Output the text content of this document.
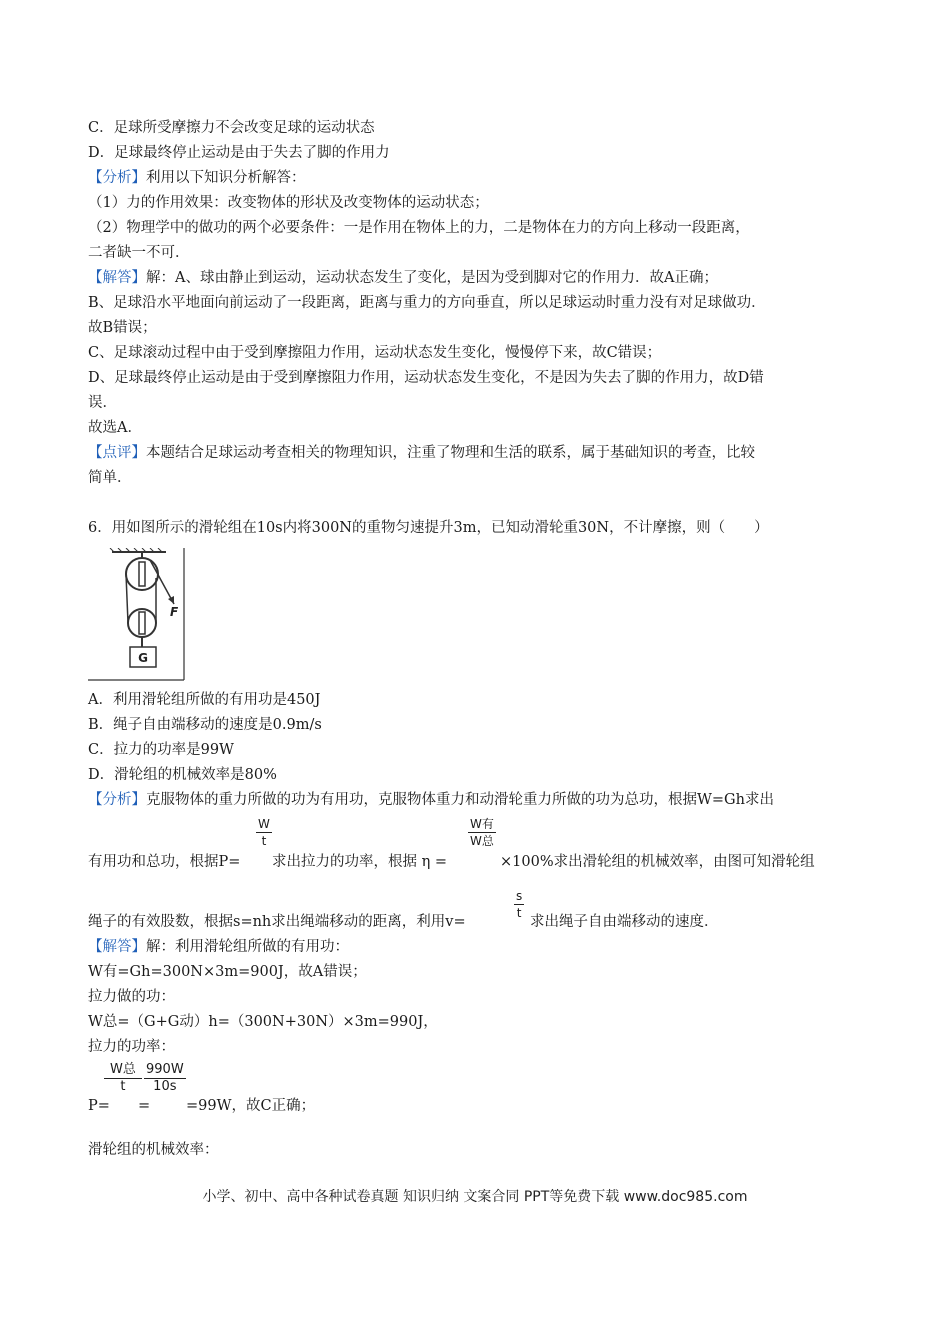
C．足球所受摩擦力不会改变足球的运动状态
D．足球最终停止运动是由于失去了脚的作用力
【分析】利用以下知识分析解答：
（1）力的作用效果：改变物体的形状及改变物体的运动状态；
（2）物理学中的做功的两个必要条件：一是作用在物体上的力，二是物体在力的方向上移动一段距离，
二者缺一不可．
【解答】解：A、球由静止到运动，运动状态发生了变化，是因为受到脚对它的作用力．故A正确；
B、足球沿水平地面向前运动了一段距离，距离与重力的方向垂直，所以足球运动时重力没有对足球做功．
故B错误；
C、足球滚动过程中由于受到摩擦阻力作用，运动状态发生变化，慢慢停下来，故C错误；
D、足球最终停止运动是由于受到摩擦阻力作用，运动状态发生变化，不是因为失去了脚的作用力，故D错
误．
故选A．
【点评】本题结合足球运动考查相关的物理知识，注重了物理和生活的联系，属于基础知识的考查，比较
简单．
6．用如图所示的滑轮组在10s内将300N的重物匀速提升3m，已知动滑轮重30N，不计摩擦，则（　　）
F
G
A．利用滑轮组所做的有用功是450J
B．绳子自由端移动的速度是0.9m/s
C．拉力的功率是99W
D．滑轮组的机械效率是80%
【分析】克服物体的重力所做的功为有用功，克服物体重力和动滑轮重力所做的功为总功，根据W=Gh求出
有用功和总功，根据P=
$\frac{W}{t}$
求出拉力的功率，根据 η =
W有
W总
×100%求出滑轮组的机械效率，由图可知滑轮组
绳子的有效股数，根据s=nh求出绳端移动的距离，利用v=
$\frac{s}{t}$
求出绳子自由端移动的速度．
【解答】解：利用滑轮组所做的有用功：
W有=Gh=300N×3m=900J，故A错误；
拉力做的功：
W总=（G+G动）h=（300N+30N）×3m=990J，
拉力的功率：
P=
W总
t
=
$\frac{990W}{10s}$
=99W，故C正确；
滑轮组的机械效率：
小学、初中、高中各种试卷真题 知识归纳 文案合同 PPT等免费下载 www.doc985.com
